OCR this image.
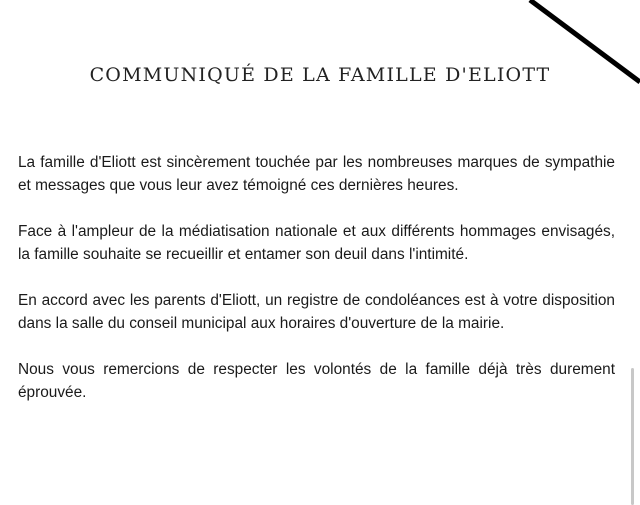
COMMUNIQUÉ DE LA FAMILLE D'ELIOTT

La famille d'Eliott est sincèrement touchée par les nombreuses marques de sympathie et messages que vous leur avez témoigné ces dernières heures.

Face à l'ampleur de la médiatisation nationale et aux différents hommages envisagés, la famille souhaite se recueillir et entamer son deuil dans l'intimité.

En accord avec les parents d'Eliott, un registre de condoléances est à votre disposition dans la salle du conseil municipal aux horaires d'ouverture de la mairie.

Nous vous remercions de respecter les volontés de la famille déjà très durement éprouvée.
